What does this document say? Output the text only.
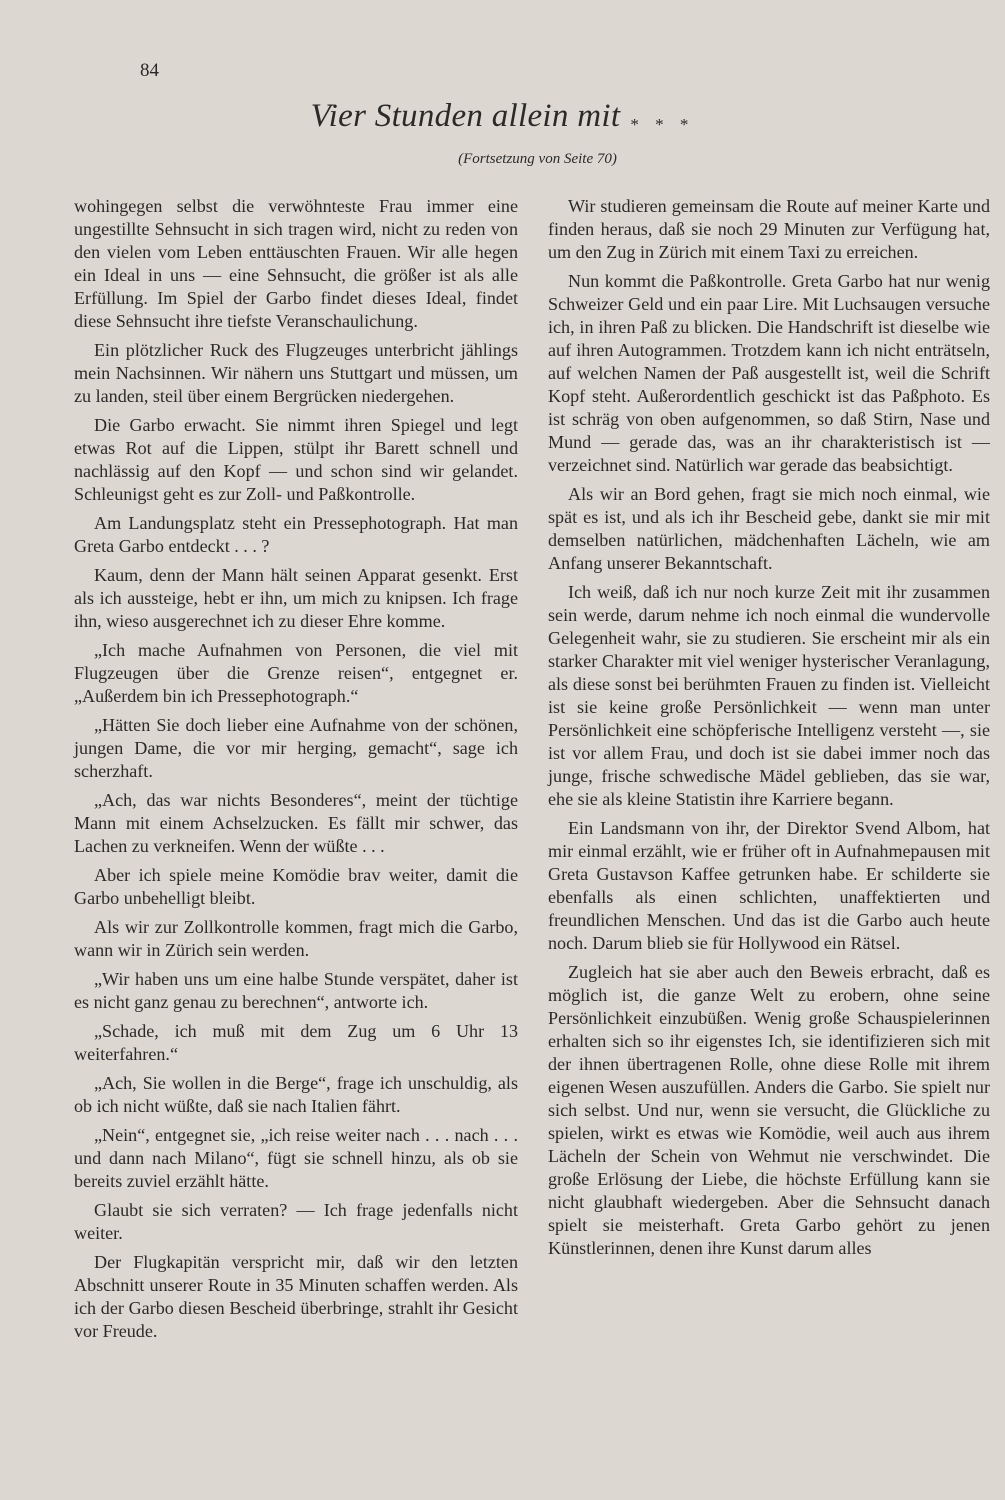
84

Vier Stunden allein mit * * *

(Fortsetzung von Seite 70)

wohingegen selbst die verwöhnteste Frau immer eine ungestillte Sehnsucht in sich tragen wird, nicht zu reden von den vielen vom Leben enttäuschten Frauen. Wir alle hegen ein Ideal in uns — eine Sehnsucht, die größer ist als alle Erfüllung. Im Spiel der Garbo findet dieses Ideal, findet diese Sehnsucht ihre tiefste Veranschaulichung.

Ein plötzlicher Ruck des Flugzeuges unterbricht jählings mein Nachsinnen. Wir nähern uns Stuttgart und müssen, um zu landen, steil über einem Bergrücken niedergehen.

Die Garbo erwacht. Sie nimmt ihren Spiegel und legt etwas Rot auf die Lippen, stülpt ihr Barett schnell und nachlässig auf den Kopf — und schon sind wir gelandet. Schleunigst geht es zur Zoll- und Paßkontrolle.

Am Landungsplatz steht ein Pressephotograph. Hat man Greta Garbo entdeckt . . . ?

Kaum, denn der Mann hält seinen Apparat gesenkt. Erst als ich aussteige, hebt er ihn, um mich zu knipsen. Ich frage ihn, wieso ausgerechnet ich zu dieser Ehre komme.

„Ich mache Aufnahmen von Personen, die viel mit Flugzeugen über die Grenze reisen“, entgegnet er. „Außerdem bin ich Pressephotograph.“

„Hätten Sie doch lieber eine Aufnahme von der schönen, jungen Dame, die vor mir herging, gemacht“, sage ich scherzhaft.

„Ach, das war nichts Besonderes“, meint der tüchtige Mann mit einem Achselzucken. Es fällt mir schwer, das Lachen zu verkneifen. Wenn der wüßte . . .

Aber ich spiele meine Komödie brav weiter, damit die Garbo unbehelligt bleibt.

Als wir zur Zollkontrolle kommen, fragt mich die Garbo, wann wir in Zürich sein werden.

„Wir haben uns um eine halbe Stunde verspätet, daher ist es nicht ganz genau zu berechnen“, antworte ich.

„Schade, ich muß mit dem Zug um 6 Uhr 13 weiterfahren.“

„Ach, Sie wollen in die Berge“, frage ich unschuldig, als ob ich nicht wüßte, daß sie nach Italien fährt.

„Nein“, entgegnet sie, „ich reise weiter nach . . . nach . . . und dann nach Milano“, fügt sie schnell hinzu, als ob sie bereits zuviel erzählt hätte.

Glaubt sie sich verraten? — Ich frage jedenfalls nicht weiter.

Der Flugkapitän verspricht mir, daß wir den letzten Abschnitt unserer Route in 35 Minuten schaffen werden. Als ich der Garbo diesen Bescheid überbringe, strahlt ihr Gesicht vor Freude.

Wir studieren gemeinsam die Route auf meiner Karte und finden heraus, daß sie noch 29 Minuten zur Verfügung hat, um den Zug in Zürich mit einem Taxi zu erreichen.

Nun kommt die Paßkontrolle. Greta Garbo hat nur wenig Schweizer Geld und ein paar Lire. Mit Luchsaugen versuche ich, in ihren Paß zu blicken. Die Handschrift ist dieselbe wie auf ihren Autogrammen. Trotzdem kann ich nicht enträtseln, auf welchen Namen der Paß ausgestellt ist, weil die Schrift Kopf steht. Außerordentlich geschickt ist das Paßphoto. Es ist schräg von oben aufgenommen, so daß Stirn, Nase und Mund — gerade das, was an ihr charakteristisch ist — verzeichnet sind. Natürlich war gerade das beabsichtigt.

Als wir an Bord gehen, fragt sie mich noch einmal, wie spät es ist, und als ich ihr Bescheid gebe, dankt sie mir mit demselben natürlichen, mädchenhaften Lächeln, wie am Anfang unserer Bekanntschaft.

Ich weiß, daß ich nur noch kurze Zeit mit ihr zusammen sein werde, darum nehme ich noch einmal die wundervolle Gelegenheit wahr, sie zu studieren. Sie erscheint mir als ein starker Charakter mit viel weniger hysterischer Veranlagung, als diese sonst bei berühmten Frauen zu finden ist. Vielleicht ist sie keine große Persönlichkeit — wenn man unter Persönlichkeit eine schöpferische Intelligenz versteht —, sie ist vor allem Frau, und doch ist sie dabei immer noch das junge, frische schwedische Mädel geblieben, das sie war, ehe sie als kleine Statistin ihre Karriere begann.

Ein Landsmann von ihr, der Direktor Svend Albom, hat mir einmal erzählt, wie er früher oft in Aufnahmepausen mit Greta Gustavson Kaffee getrunken habe. Er schilderte sie ebenfalls als einen schlichten, unaffektierten und freundlichen Menschen. Und das ist die Garbo auch heute noch. Darum blieb sie für Hollywood ein Rätsel.

Zugleich hat sie aber auch den Beweis erbracht, daß es möglich ist, die ganze Welt zu erobern, ohne seine Persönlichkeit einzubüßen. Wenig große Schauspielerinnen erhalten sich so ihr eigenstes Ich, sie identifizieren sich mit der ihnen übertragenen Rolle, ohne diese Rolle mit ihrem eigenen Wesen auszufüllen. Anders die Garbo. Sie spielt nur sich selbst. Und nur, wenn sie versucht, die Glückliche zu spielen, wirkt es etwas wie Komödie, weil auch aus ihrem Lächeln der Schein von Wehmut nie verschwindet. Die große Erlösung der Liebe, die höchste Erfüllung kann sie nicht glaubhaft wiedergeben. Aber die Sehnsucht danach spielt sie meisterhaft. Greta Garbo gehört zu jenen Künstlerinnen, denen ihre Kunst darum alles
